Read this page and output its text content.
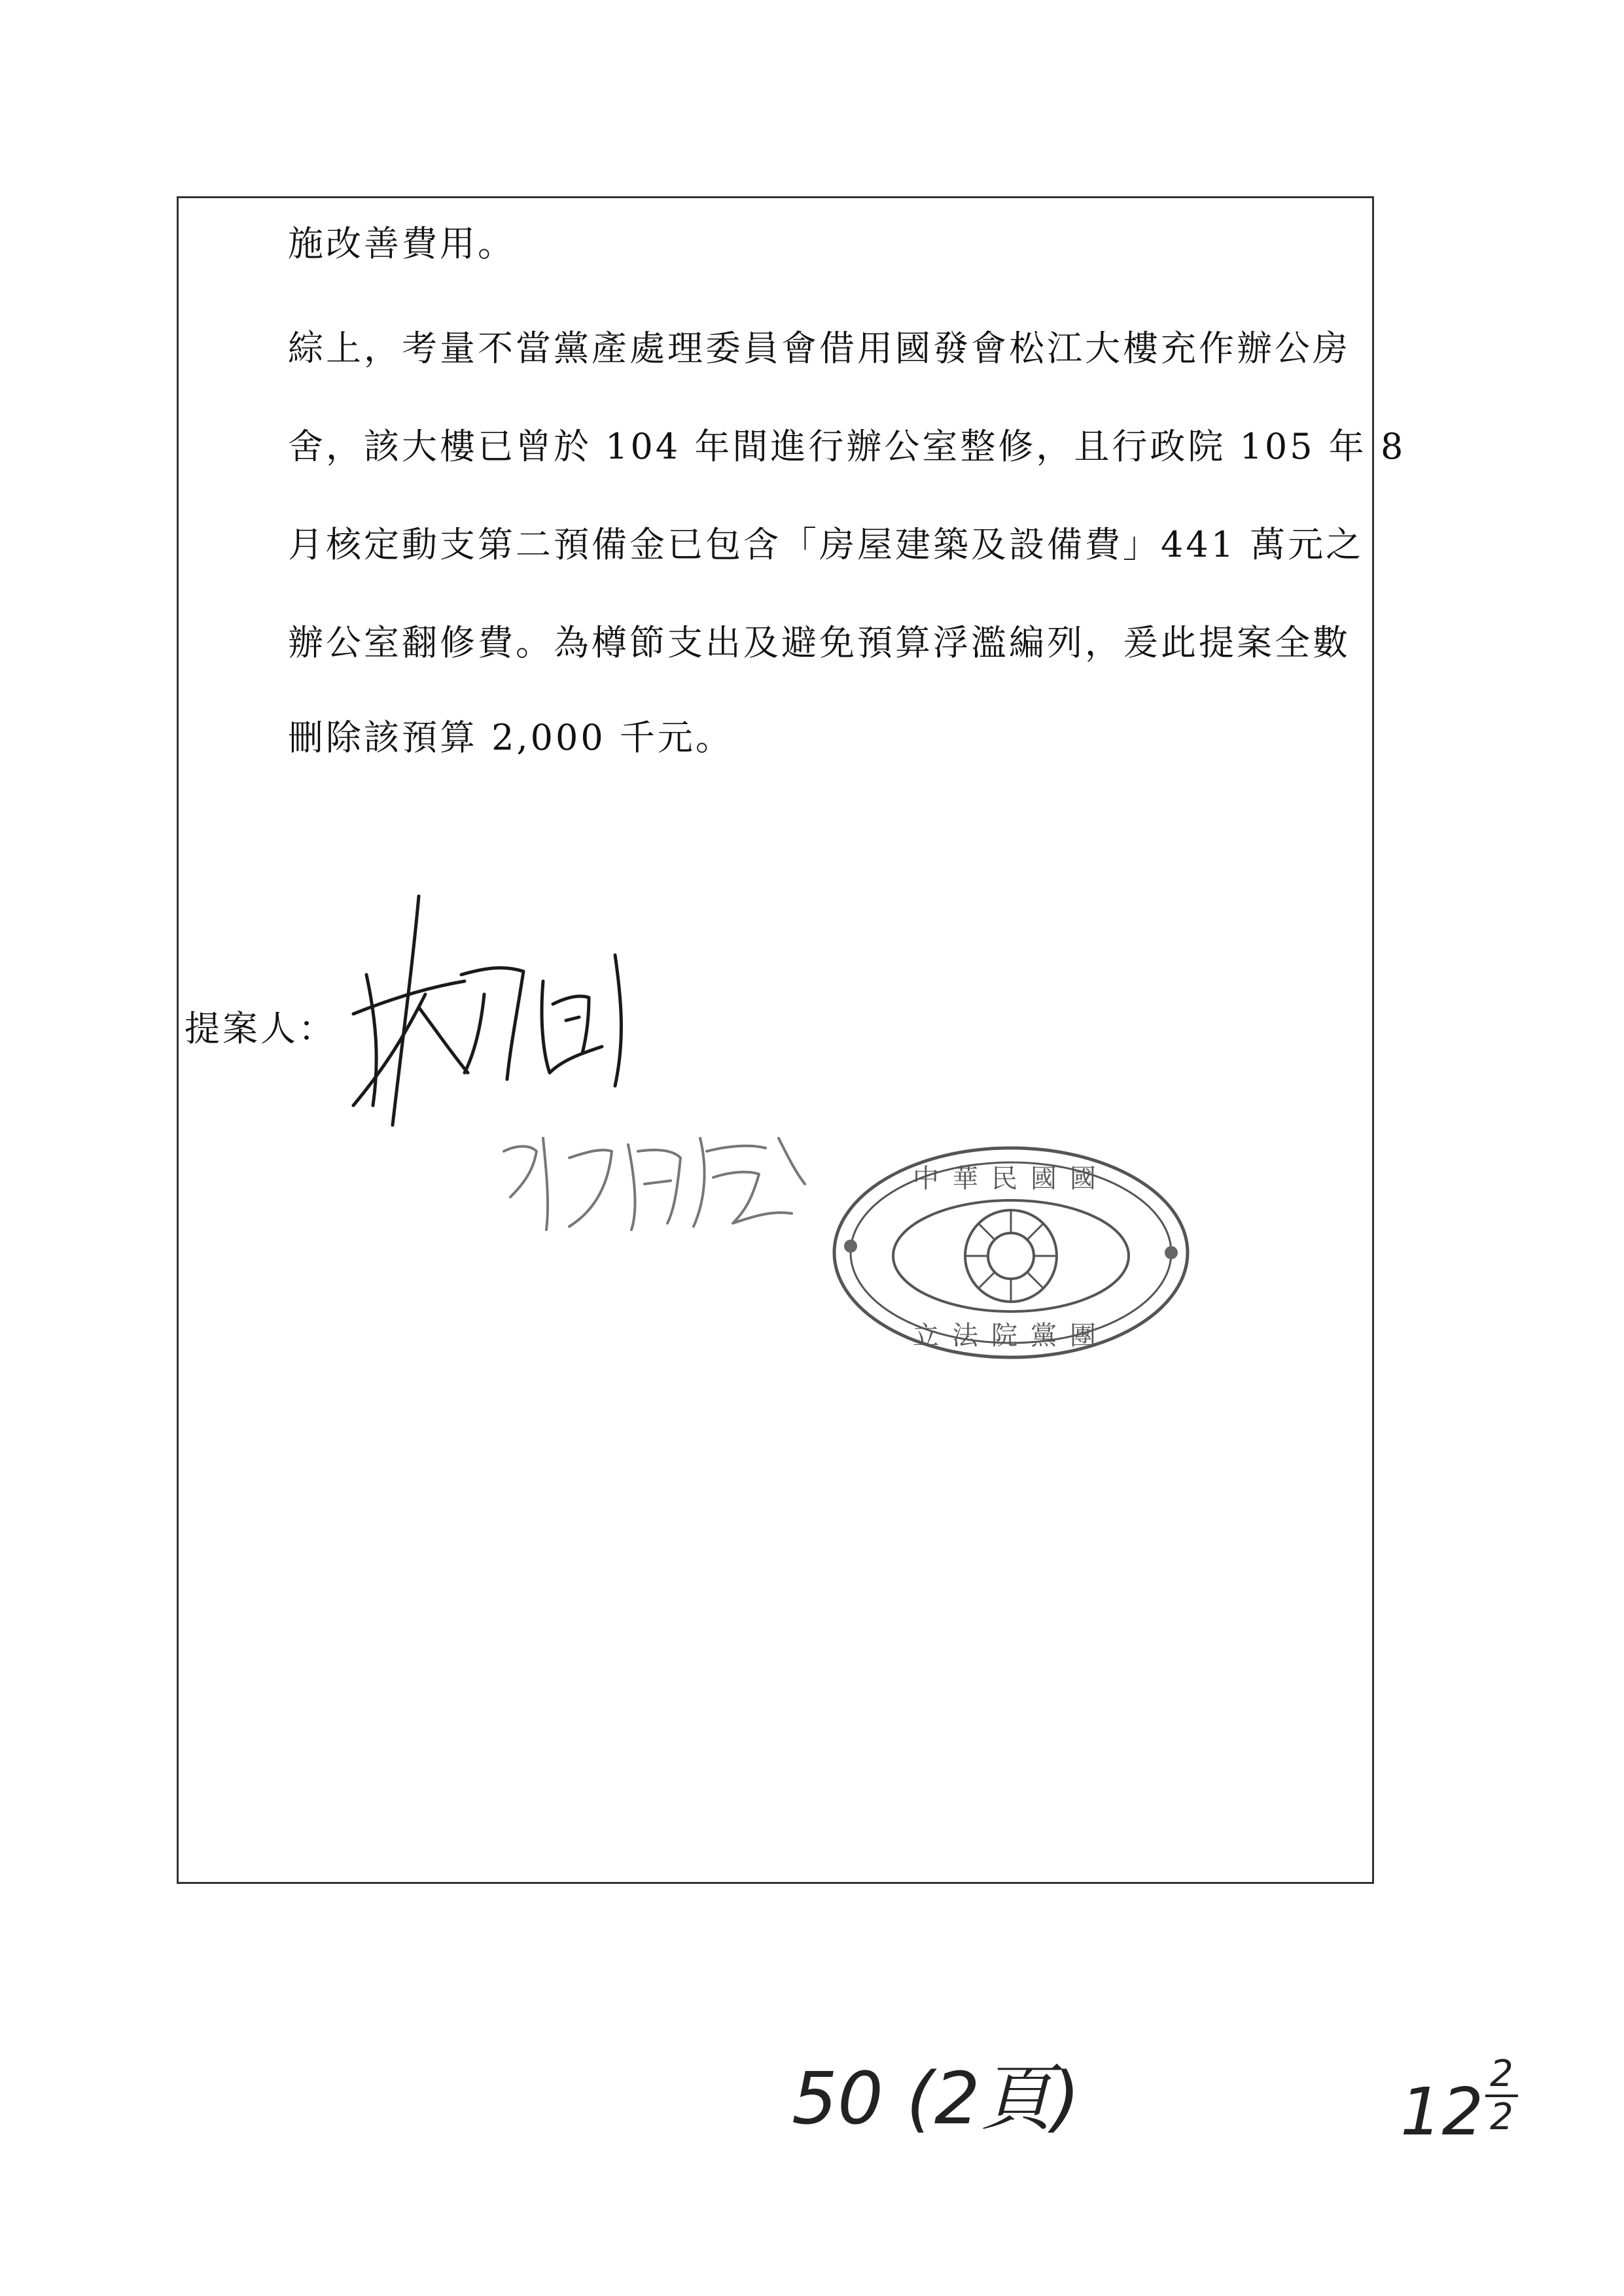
施改善費用。
綜上，考量不當黨產處理委員會借用國發會松江大樓充作辦公房
舍，該大樓已曾於 104 年間進行辦公室整修，且行政院 105 年 8
月核定動支第二預備金已包含「房屋建築及設備費」441 萬元之
辦公室翻修費。為樽節支出及避免預算浮濫編列，爰此提案全數
刪除該預算 2,000 千元。
提案人：
中華民國國
立法院黨團
50 (2頁)	12 2
2
